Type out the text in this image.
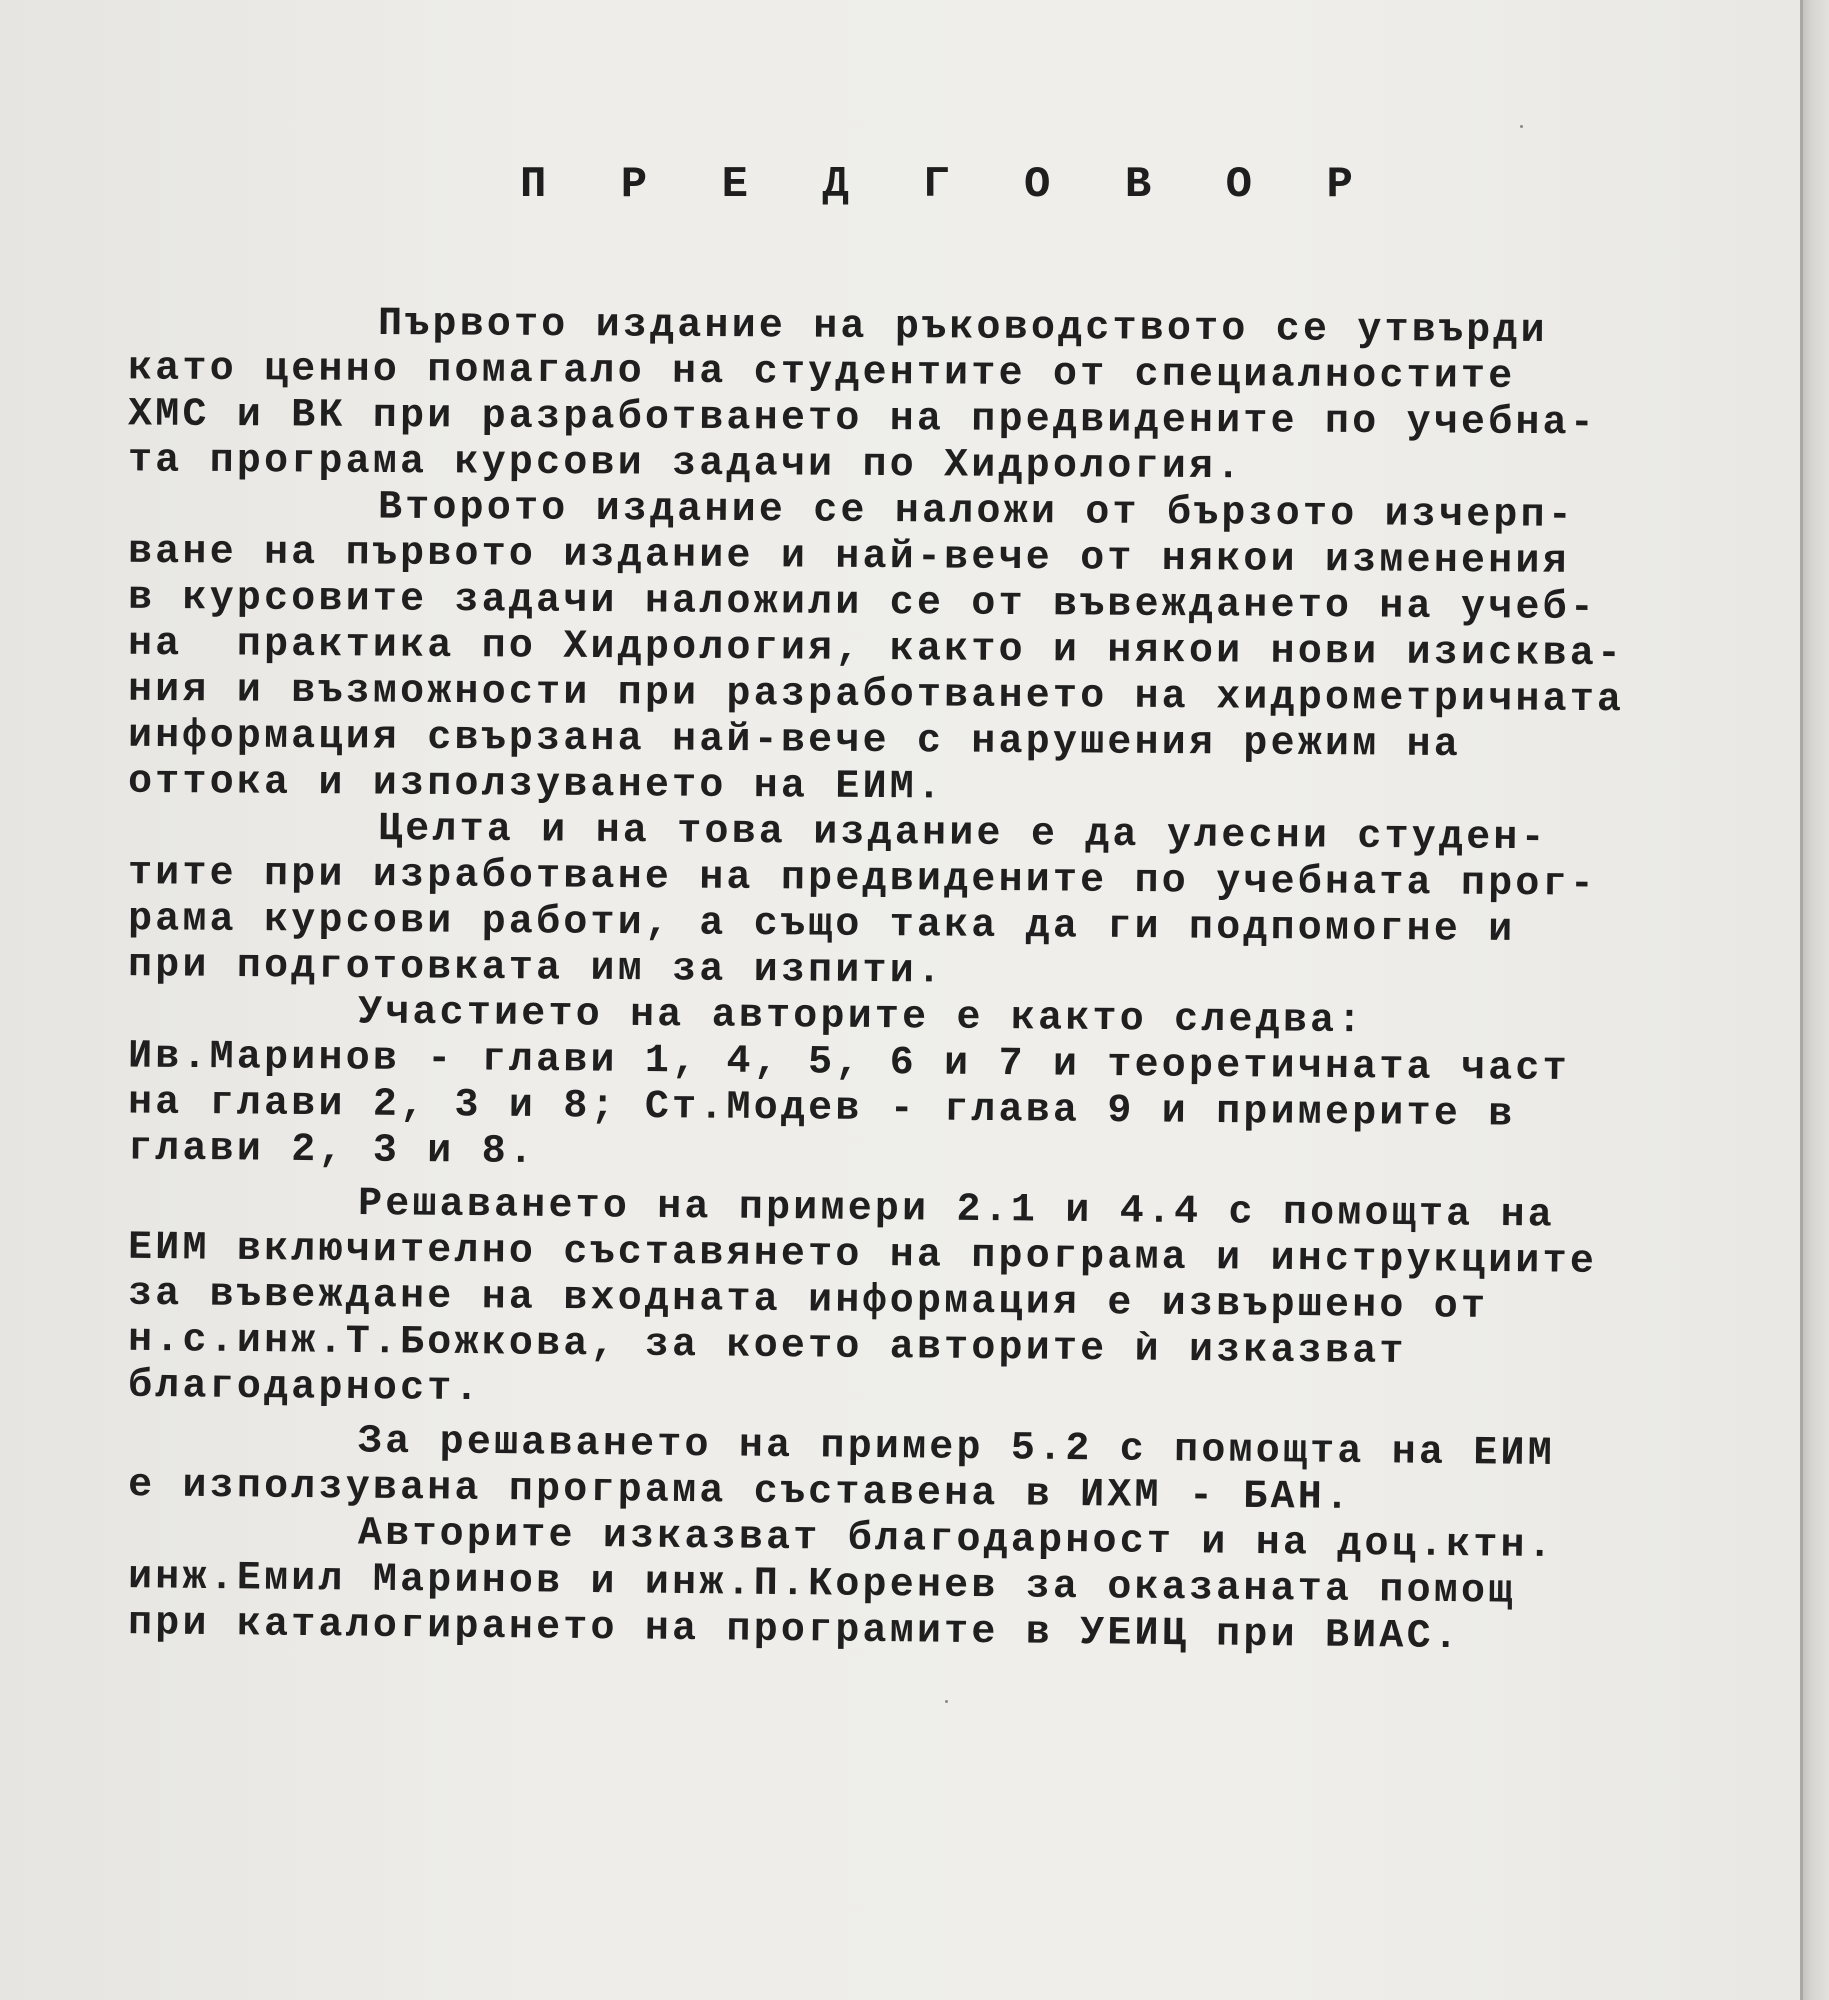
П Р Е Д Г О В О Р
Първото издание на ръководството се утвърди
като ценно помагало на студентите от специалностите
ХМС и ВК при разработването на предвидените по учебна-
та програма курсови задачи по Хидрология.
Второто издание се наложи от бързото изчерп-
ване на първото издание и най-вече от някои изменения
в курсовите задачи наложили се от въвеждането на учеб-
на  практика по Хидрология, както и някои нови изисква-
ния и възможности при разработването на хидрометричната
информация свързана най-вече с нарушения режим на
оттока и използуването на ЕИМ.
Целта и на това издание е да улесни студен-
тите при изработване на предвидените по учебната прог-
рама курсови работи, а също така да ги подпомогне и
при подготовката им за изпити.
Участието на авторите е както следва:
Ив.Маринов - глави 1, 4, 5, 6 и 7 и теоретичната част
на глави 2, 3 и 8; Ст.Модев - глава 9 и примерите в
глави 2, 3 и 8.
Решаването на примери 2.1 и 4.4 с помощта на
ЕИМ включително съставянето на програма и инструкциите
за въвеждане на входната информация е извършено от
н.с.инж.Т.Божкова, за което авторите ѝ изказват
благодарност.
За решаването на пример 5.2 с помощта на ЕИМ
е използувана програма съставена в ИХМ - БАН.
Авторите изказват благодарност и на доц.ктн.
инж.Емил Маринов и инж.П.Коренев за оказаната помощ
при каталогирането на програмите в УЕИЦ при ВИАС.
